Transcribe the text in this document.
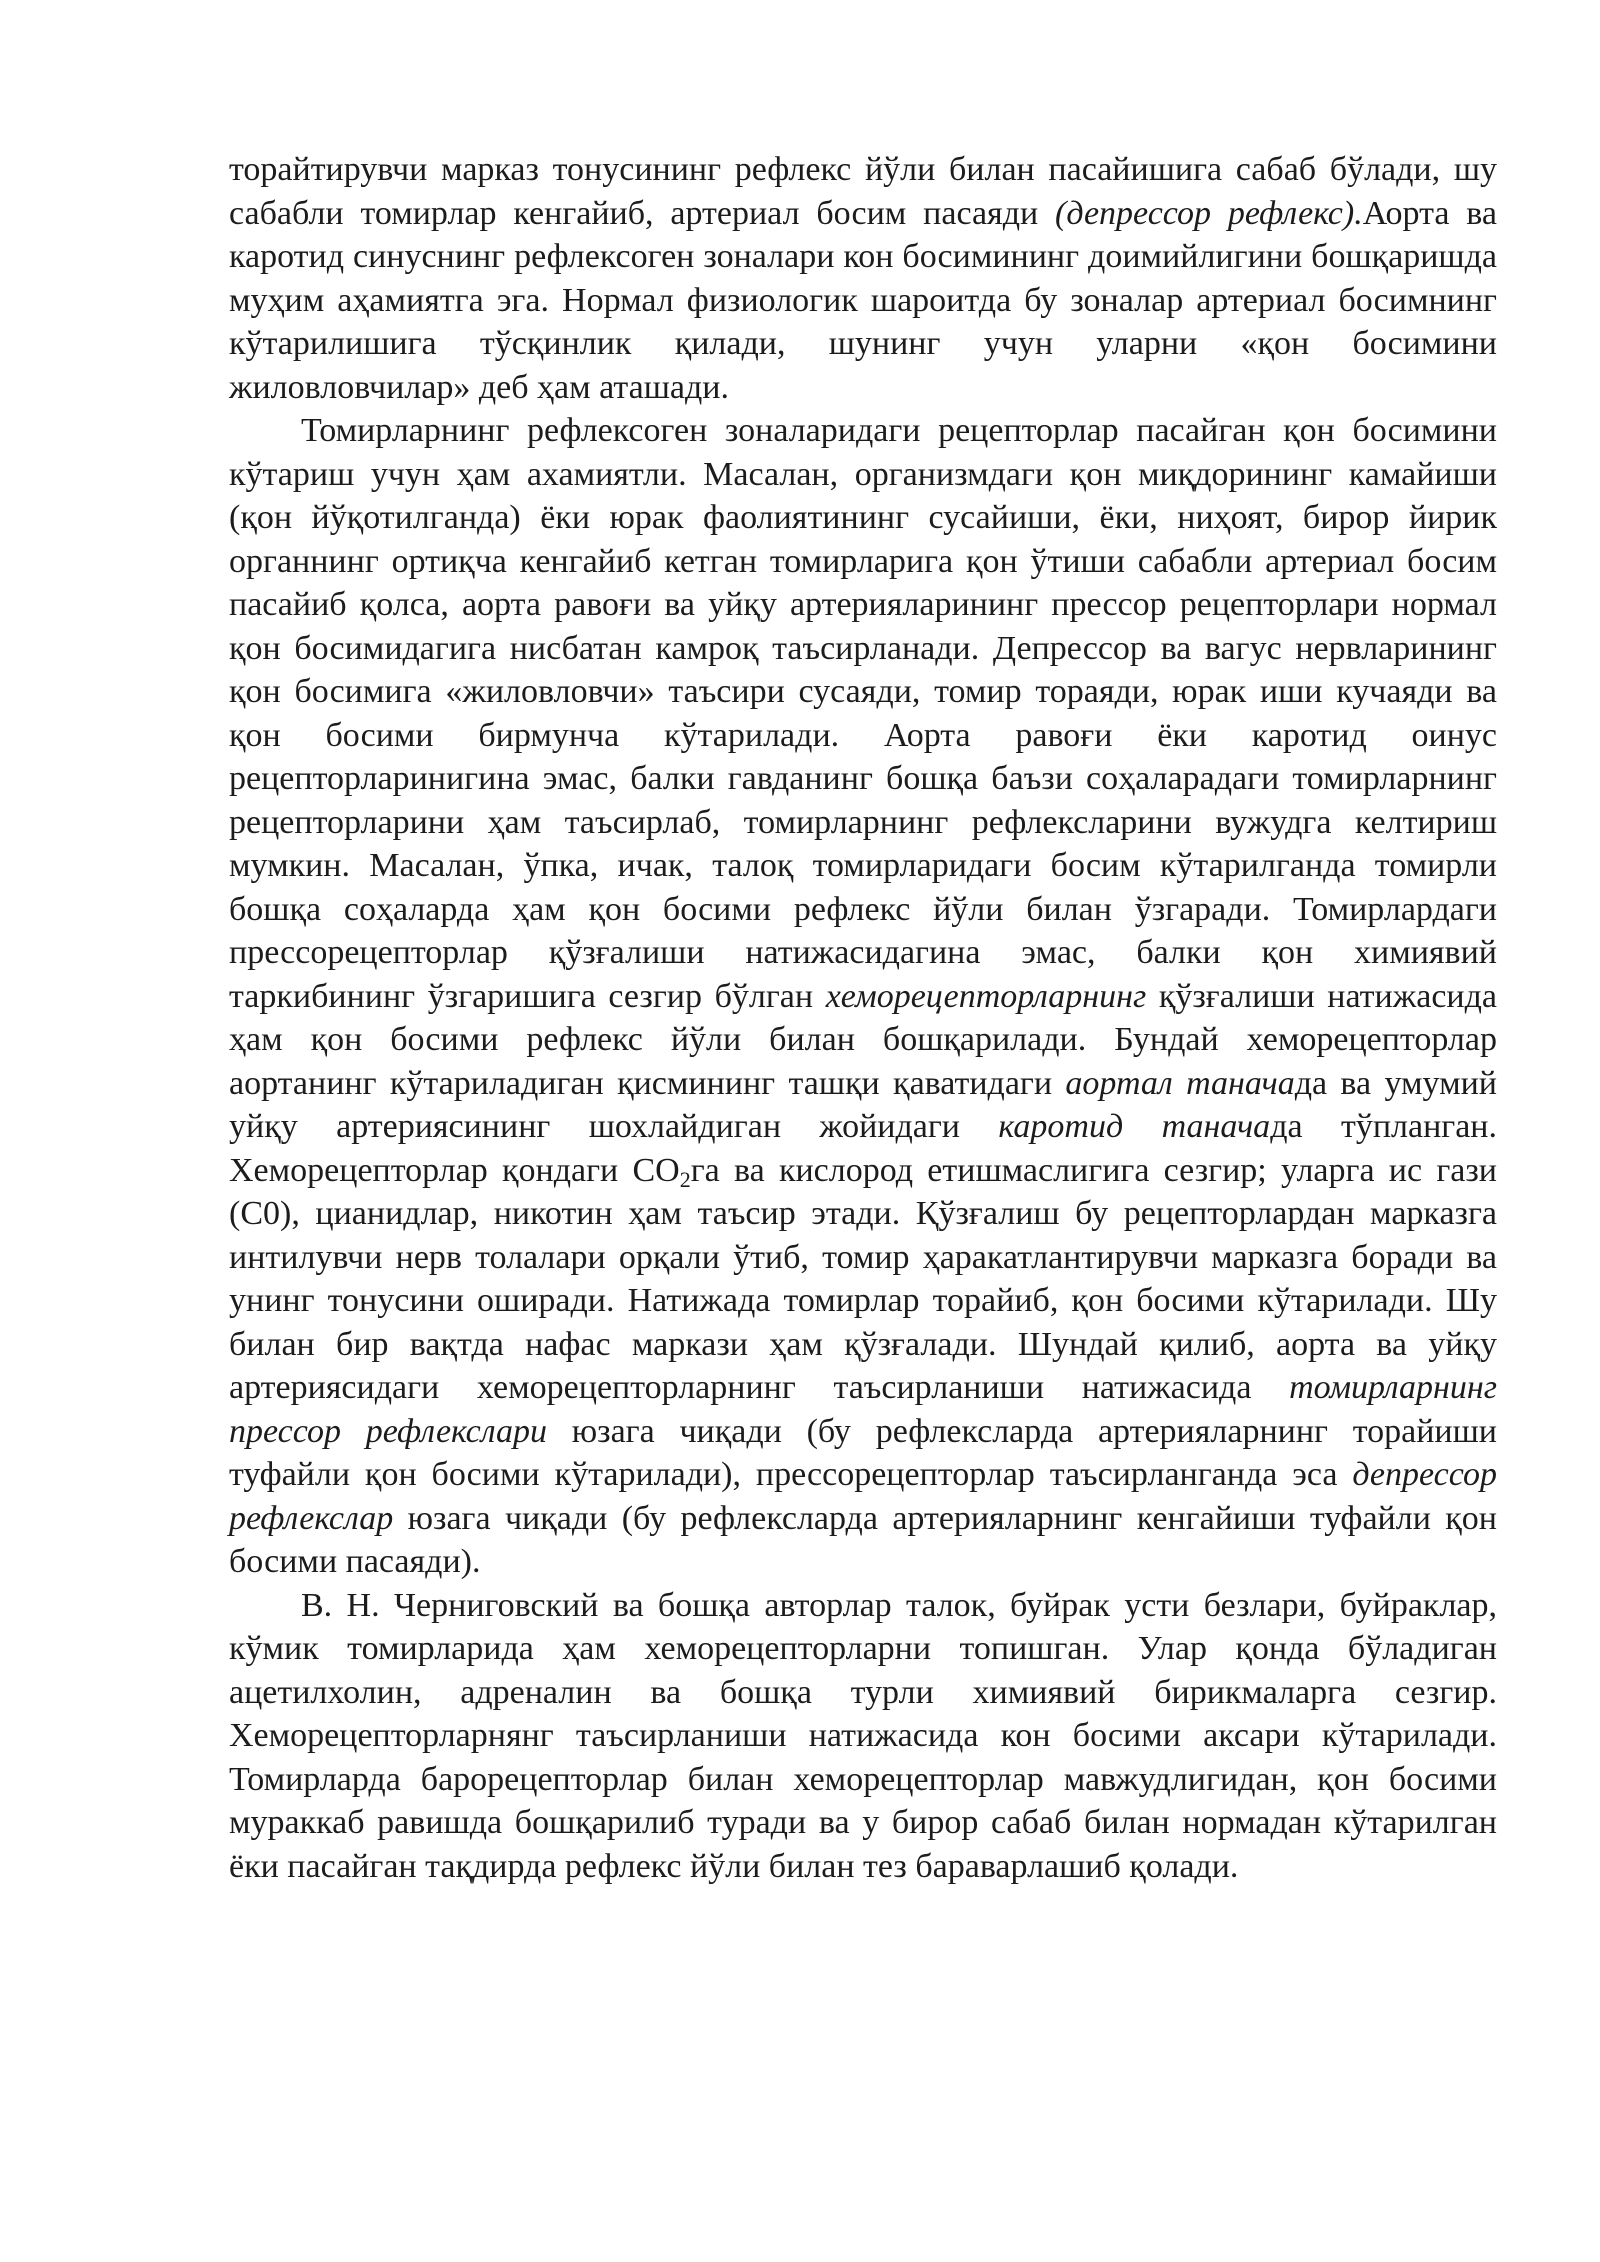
торайтирувчи марказ тонусининг рефлекс йўли билан пасайишига сабаб бўлади, шу сабабли томирлар кенгайиб, артериал босим пасаяди (депрессор рефлекс).Аорта ва каротид синуснинг рефлексоген зоналари кон босимининг доимийлигини бошқаришда муҳим аҳамиятга эга. Нормал физиологик шароитда бу зоналар артериал босимнинг кўтарилишига тўсқинлик қилади, шунинг учун уларни «қон босимини жиловловчилар» деб ҳам аташади.

Томирларнинг рефлексоген зоналаридаги рецепторлар пасайган қон босимини кўтариш учун ҳам ахамиятли. Масалан, организмдаги қон миқдорининг камайиши (қон йўқотилганда) ёки юрак фаолиятининг сусайиши, ёки, ниҳоят, бирор йирик органнинг ортиқча кенгайиб кетган томирларига қон ўтиши сабабли артериал босим пасайиб қолса, аорта равоғи ва уйқу артерияларининг прессор рецепторлари нормал қон босимидагига нисбатан камроқ таъсирланади. Депрессор ва вагус нервларининг қон босимига «жиловловчи» таъсири сусаяди, томир тораяди, юрак иши кучаяди ва қон босими бирмунча кўтарилади. Аорта равоғи ёки каротид оинус рецепторларинигина эмас, балки гавданинг бошқа баъзи соҳаларадаги томирларнинг рецепторларини ҳам таъсирлаб, томирларнинг рефлексларини вужудга келтириш мумкин. Масалан, ўпка, ичак, талоқ томирларидаги босим кўтарилганда томирли бошқа соҳаларда ҳам қон босими рефлекс йўли билан ўзгаради. Томирлардаги прессорецепторлар қўзғалиши натижасидагина эмас, балки қон химиявий таркибининг ўзгаришига сезгир бўлган хеморецепторларнинг қўзғалиши натижасида ҳам қон босими рефлекс йўли билан бошқарилади. Бундай хеморецепторлар аортанинг кўтариладиган қисмининг ташқи қаватидаги аортал таначада ва умумий уйқу артериясининг шохлайдиган жойидаги каротид таначада тўпланган. Хеморецепторлар қондаги $СО_2га$ ва кислород етишмаслигига сезгир; уларга ис гази (С0), цианидлар, никотин ҳам таъсир этади. Қўзғалиш бу рецепторлардан марказга интилувчи нерв толалари орқали ўтиб, томир ҳаракатлантирувчи марказга боради ва унинг тонусини оширади. Натижада томирлар торайиб, қон босими кўтарилади. Шу билан бир вақтда нафас маркази ҳам қўзғалади. Шундай қилиб, аорта ва уйқу артериясидаги хеморецепторларнинг таъсирланиши натижасида томирларнинг прессор рефлекслари юзага чиқади (бу рефлексларда артерияларнинг торайиши туфайли қон босими кўтарилади), прессорецепторлар таъсирланганда эса депрессор рефлекслар юзага чиқади (бу рефлексларда артерияларнинг кенгайиши туфайли қон босими пасаяди).

В. Н. Черниговский ва бошқа авторлар талок, буйрак усти безлари, буйраклар, кўмик томирларида ҳам хеморецепторларни топишган. Улар қонда бўладиган ацетилхолин, адреналин ва бошқа турли химиявий бирикмаларга сезгир. Хеморецепторларнянг таъсирланиши натижасида кон босими аксари кўтарилади. Томирларда барорецепторлар билан хеморецепторлар мавжудлигидан, қон босими мураккаб равишда бошқарилиб туради ва у бирор сабаб билан нормадан кўтарилган ёки пасайган тақдирда рефлекс йўли билан тез бараварлашиб қолади.
